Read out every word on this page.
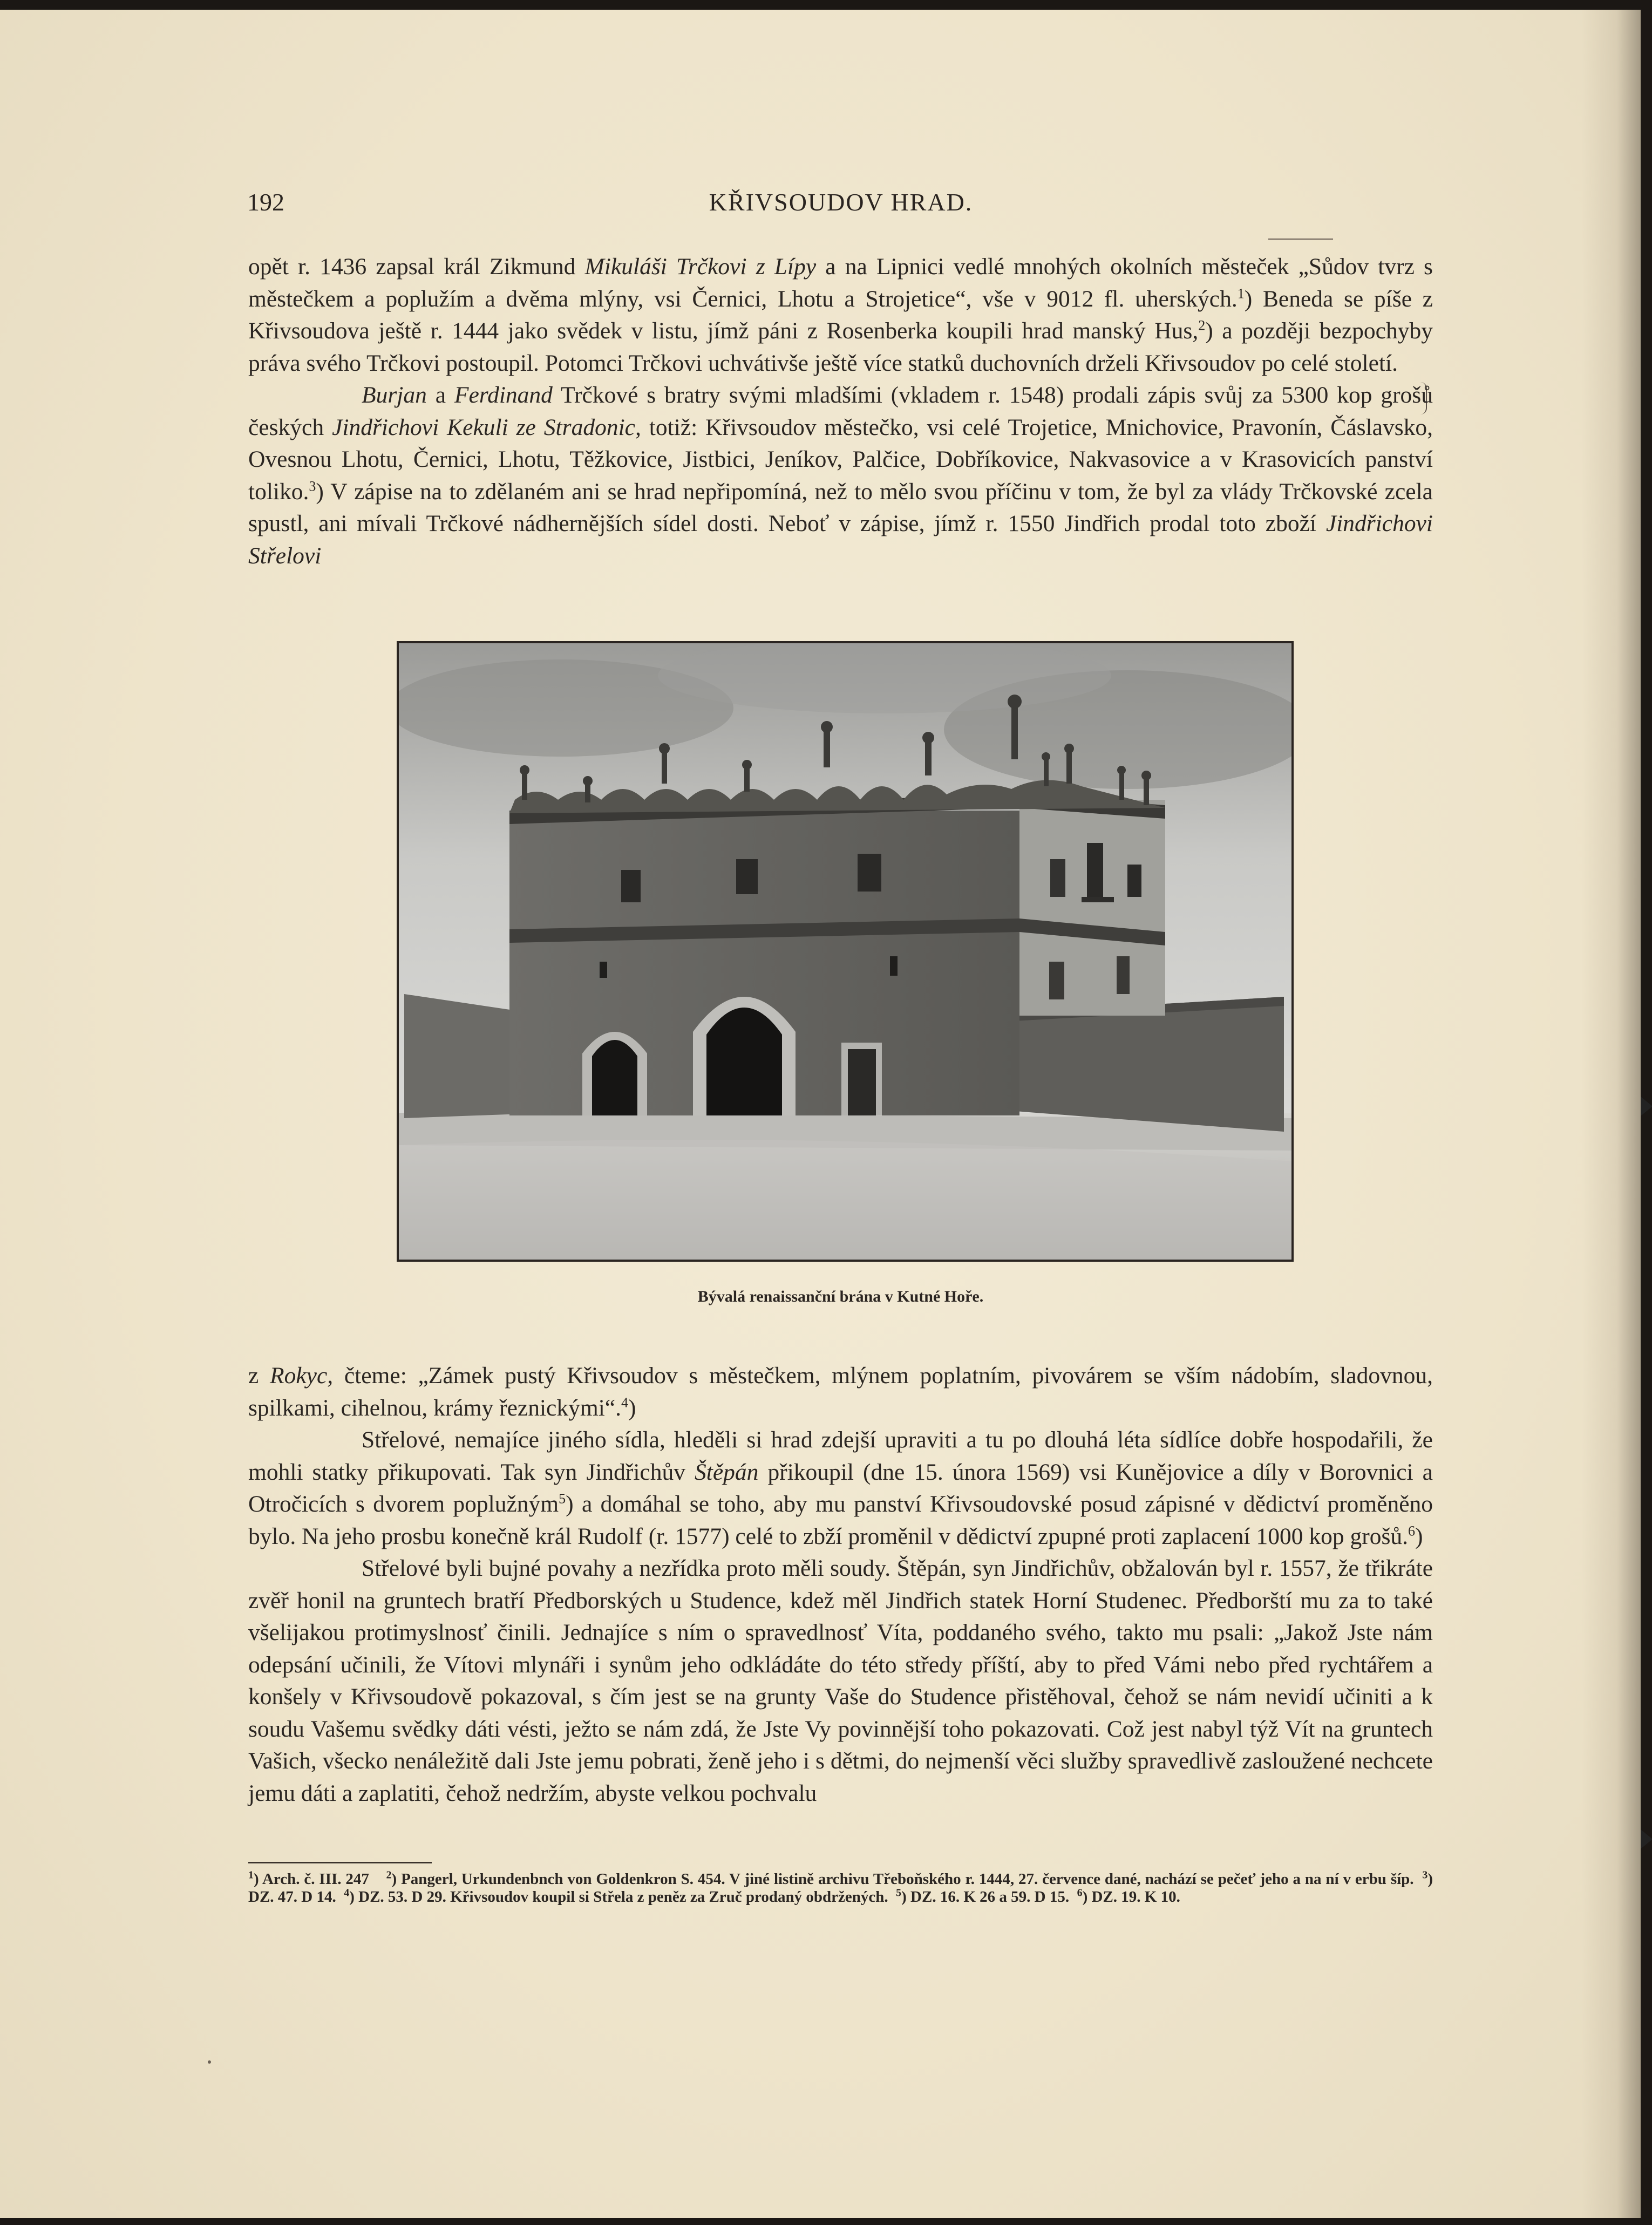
192	KŘIVSOUDOV HRAD.

opět r. 1436 zapsal král Zikmund Mikuláši Trčkovi z Lípy a na Lipnici vedlé mnohých okolních městeček „Sůdov tvrz s městečkem a poplužím a dvěma mlýny, vsi Černici, Lhotu a Strojetice“, vše v 9012 fl. uherských.$^1$) Beneda se píše z Křivsoudova ještě r. 1444 jako svědek v listu, jímž páni z Rosenberka koupili hrad manský Hus,$^2$) a později bezpochyby práva svého Trčkovi postoupil. Potomci Trčkovi uchvátivše ještě více statků duchovních drželi Křivsoudov po celé století.

Burjan a Ferdinand Trčkové s bratry svými mladšími (vkladem r. 1548) prodali zápis svůj za 5300 kop grošů českých Jindřichovi Kekuli ze Stradonic, totiž: Křivsoudov městečko, vsi celé Trojetice, Mnichovice, Pravonín, Čáslavsko, Ovesnou Lhotu, Černici, Lhotu, Těžkovice, Jistbici, Jeníkov, Palčice, Dobříkovice, Nakvasovice a v Krasovicích panství toliko.$^3$) V zápise na to zdělaném ani se hrad nepřipomíná, než to mělo svou příčinu v tom, že byl za vlády Trčkovské zcela spustl, ani mívali Trčkové nádhernějších sídel dosti. Neboť v zápise, jímž r. 1550 Jindřich prodal toto zboží Jindřichovi Střelovi

Bývalá renaissanční brána v Kutné Hoře.

z Rokyc, čteme: „Zámek pustý Křivsoudov s městečkem, mlýnem poplatním, pivovárem se vším nádobím, sladovnou, spilkami, cihelnou, krámy řeznickými“.$^4$)

Střelové, nemajíce jiného sídla, hleděli si hrad zdejší upraviti a tu po dlouhá léta sídlíce dobře hospodařili, že mohli statky přikupovati. Tak syn Jindřichův Štěpán přikoupil (dne 15. února 1569) vsi Kunějovice a díly v Borovnici a Otročicích s dvorem poplužným$^5$) a domáhal se toho, aby mu panství Křivsoudovské posud zápisné v dědictví proměněno bylo. Na jeho prosbu konečně král Rudolf (r. 1577) celé to zbží proměnil v dědictví zpupné proti zaplacení 1000 kop grošů.$^6$)

Střelové byli bujné povahy a nezřídka proto měli soudy. Štěpán, syn Jindřichův, obžalován byl r. 1557, že třikráte zvěř honil na gruntech bratří Předborských u Studence, kdež měl Jindřich statek Horní Studenec. Předborští mu za to také všelijakou protimyslnosť činili. Jednajíce s ním o spravedlnosť Víta, poddaného svého, takto mu psali: „Jakož Jste nám odepsání učinili, že Vítovi mlynáři i synům jeho odkládáte do této středy příští, aby to před Vámi nebo před rychtářem a konšely v Křivsoudově pokazoval, s čím jest se na grunty Vaše do Studence přistěhoval, čehož se nám nevidí učiniti a k soudu Vašemu svědky dáti vésti, ježto se nám zdá, že Jste Vy povinnější toho pokazovati. Což jest nabyl týž Vít na gruntech Vašich, všecko nenáležitě dali Jste jemu pobrati, ženě jeho i s dětmi, do nejmenší věci služby spravedlivě zasloužené nechcete jemu dáti a zaplatiti, čehož nedržím, abyste velkou pochvalu

$^1$) Arch. č. III. 247 $^2$) Pangerl, Urkundenbnch von Goldenkron S. 454. V jiné listině archivu Třeboňského r. 1444, 27. července dané, nachází se pečeť jeho a na ní v erbu šíp. $^3$) DZ. 47. D 14. $^4$) DZ. 53. D 29. Křivsoudov koupil si Střela z peněz za Zruč prodaný obdržených. $^5$) DZ. 16. K 26 a 59. D 15. $^6$) DZ. 19. K 10.
